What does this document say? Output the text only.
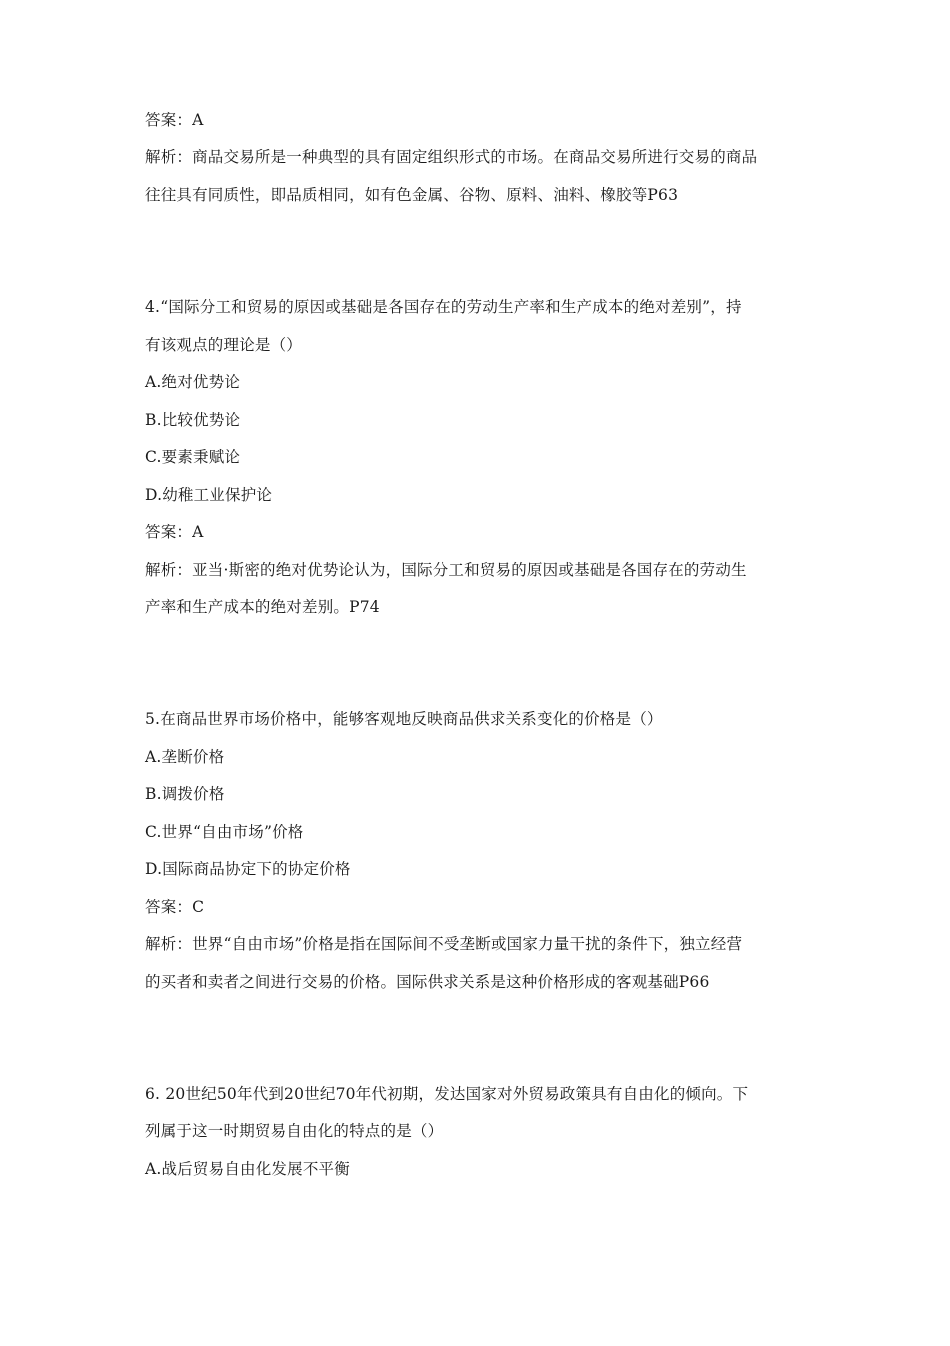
答案：A
解析：商品交易所是一种典型的具有固定组织形式的市场。在商品交易所进行交易的商品
往往具有同质性，即品质相同，如有色金属、谷物、原料、油料、橡胶等P63
4.“国际分工和贸易的原因或基础是各国存在的劳动生产率和生产成本的绝对差别”，持
有该观点的理论是（）
A.绝对优势论
B.比较优势论
C.要素秉赋论
D.幼稚工业保护论
答案：A
解析：亚当·斯密的绝对优势论认为，国际分工和贸易的原因或基础是各国存在的劳动生
产率和生产成本的绝对差别。P74
5.在商品世界市场价格中，能够客观地反映商品供求关系变化的价格是（）
A.垄断价格
B.调拨价格
C.世界“自由市场”价格
D.国际商品协定下的协定价格
答案：C
解析：世界“自由市场”价格是指在国际间不受垄断或国家力量干扰的条件下，独立经营
的买者和卖者之间进行交易的价格。国际供求关系是这种价格形成的客观基础P66
6. 20世纪50年代到20世纪70年代初期，发达国家对外贸易政策具有自由化的倾向。下
列属于这一时期贸易自由化的特点的是（）
A.战后贸易自由化发展不平衡
